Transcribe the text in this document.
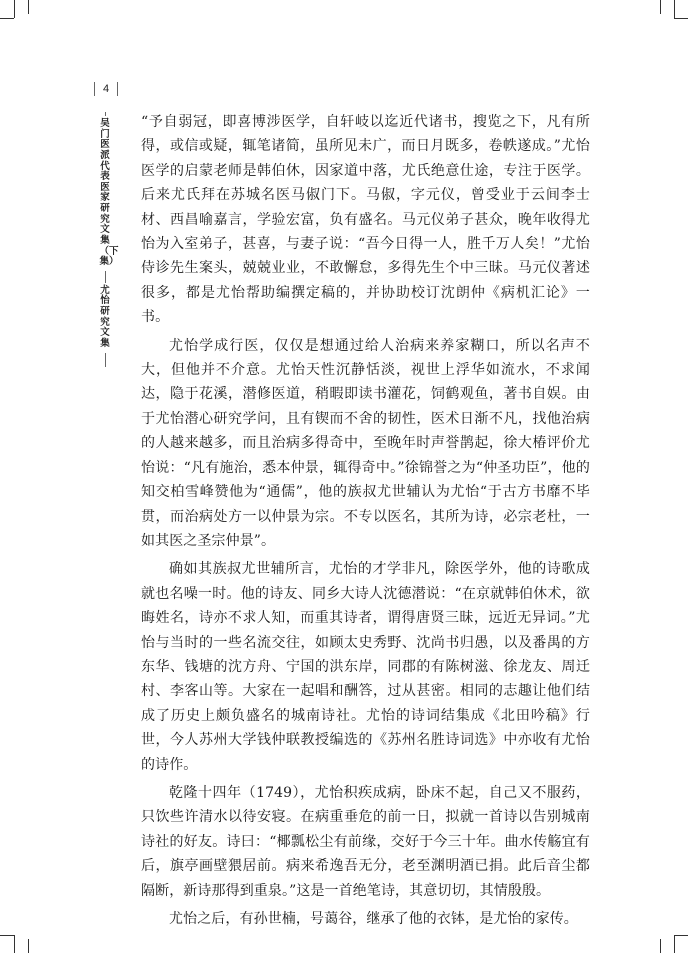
4
吴门医派代表医家研究文集（下集）
尤怡研究文集

“予自弱冠，即喜博涉医学，自轩岐以迄近代诸书，搜览之下，凡有所得，或信或疑，辄笔诸简，虽所见未广，而日月既多，卷帙遂成。”尤怡医学的启蒙老师是韩伯休，因家道中落，尤氏绝意仕途，专注于医学。后来尤氏拜在苏城名医马俶门下。马俶，字元仪，曾受业于云间李士材、西昌喻嘉言，学验宏富，负有盛名。马元仪弟子甚众，晚年收得尤怡为入室弟子，甚喜，与妻子说：“吾今日得一人，胜千万人矣！”尤怡侍诊先生案头，兢兢业业，不敢懈怠，多得先生个中三昧。马元仪著述很多，都是尤怡帮助编撰定稿的，并协助校订沈朗仲《病机汇论》一书。

尤怡学成行医，仅仅是想通过给人治病来养家糊口，所以名声不大，但他并不介意。尤怡天性沉静恬淡，视世上浮华如流水，不求闻达，隐于花溪，潜修医道，稍暇即读书灌花，饲鹤观鱼，著书自娱。由于尤怡潜心研究学问，且有锲而不舍的韧性，医术日渐不凡，找他治病的人越来越多，而且治病多得奇中，至晚年时声誉鹊起，徐大椿评价尤怡说：“凡有施治，悉本仲景，辄得奇中。”徐锦誉之为“仲圣功臣”，他的知交柏雪峰赞他为“通儒”，他的族叔尤世辅认为尤怡“于古方书靡不毕贯，而治病处方一以仲景为宗。不专以医名，其所为诗，必宗老杜，一如其医之圣宗仲景”。

确如其族叔尤世辅所言，尤怡的才学非凡，除医学外，他的诗歌成就也名噪一时。他的诗友、同乡大诗人沈德潜说：“在京就韩伯休术，欲晦姓名，诗亦不求人知，而重其诗者，谓得唐贤三昧，远近无异词。”尤怡与当时的一些名流交往，如顾太史秀野、沈尚书归愚，以及番禺的方东华、钱塘的沈方舟、宁国的洪东岸，同郡的有陈树滋、徐龙友、周迁村、李客山等。大家在一起唱和酬答，过从甚密。相同的志趣让他们结成了历史上颇负盛名的城南诗社。尤怡的诗词结集成《北田吟稿》行世，今人苏州大学钱仲联教授编选的《苏州名胜诗词选》中亦收有尤怡的诗作。

乾隆十四年（1749），尤怡积疾成病，卧床不起，自己又不服药，只饮些许清水以待安寝。在病重垂危的前一日，拟就一首诗以告别城南诗社的好友。诗曰：“椰瓢松尘有前缘，交好于今三十年。曲水传觞宜有后，旗亭画壁猥居前。病来希逸吾无分，老至渊明酒已捐。此后音尘都隔断，新诗那得到重泉。”这是一首绝笔诗，其意切切，其情殷殷。

尤怡之后，有孙世楠，号蔼谷，继承了他的衣钵，是尤怡的家传。
